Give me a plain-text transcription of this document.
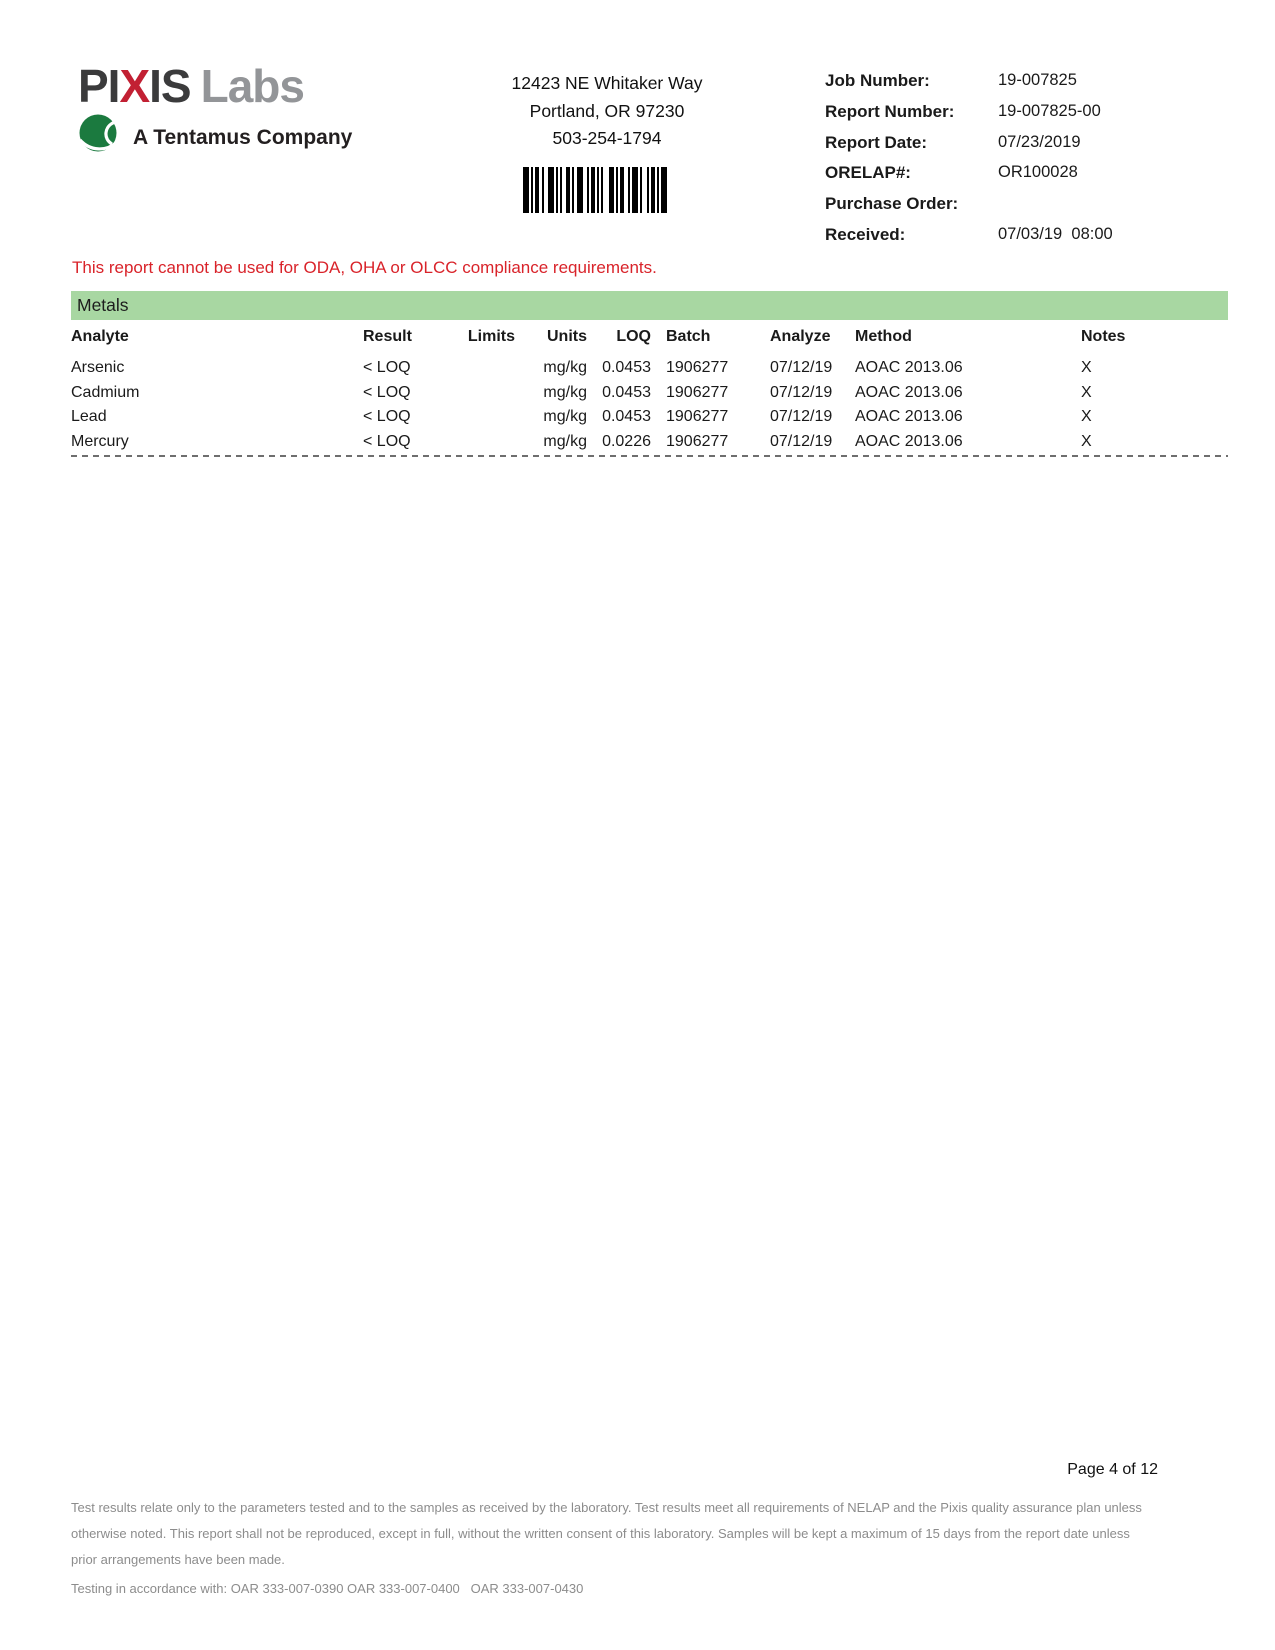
PIXIS Labs
A Tentamus Company
12423 NE Whitaker Way
Portland, OR 97230
503-254-1794
Job Number:	19-007825
Report Number:	19-007825-00
Report Date:	07/23/2019
ORELAP#:	OR100028
Purchase Order:
Received:	07/03/19  08:00
This report cannot be used for ODA, OHA or OLCC compliance requirements.
Metals
Analyte	Result	Limits	Units	LOQ	Batch	Analyze	Method	Notes
Arsenic	< LOQ		mg/kg	0.0453	1906277	07/12/19	AOAC 2013.06	X
Cadmium	< LOQ		mg/kg	0.0453	1906277	07/12/19	AOAC 2013.06	X
Lead	< LOQ		mg/kg	0.0453	1906277	07/12/19	AOAC 2013.06	X
Mercury	< LOQ		mg/kg	0.0226	1906277	07/12/19	AOAC 2013.06	X
Page 4 of 12
Test results relate only to the parameters tested and to the samples as received by the laboratory. Test results meet all requirements of NELAP and the Pixis quality assurance plan unless otherwise noted. This report shall not be reproduced, except in full, without the written consent of this laboratory. Samples will be kept a maximum of 15 days from the report date unless prior arrangements have been made.
Testing in accordance with: OAR 333-007-0390 OAR 333-007-0400   OAR 333-007-0430
